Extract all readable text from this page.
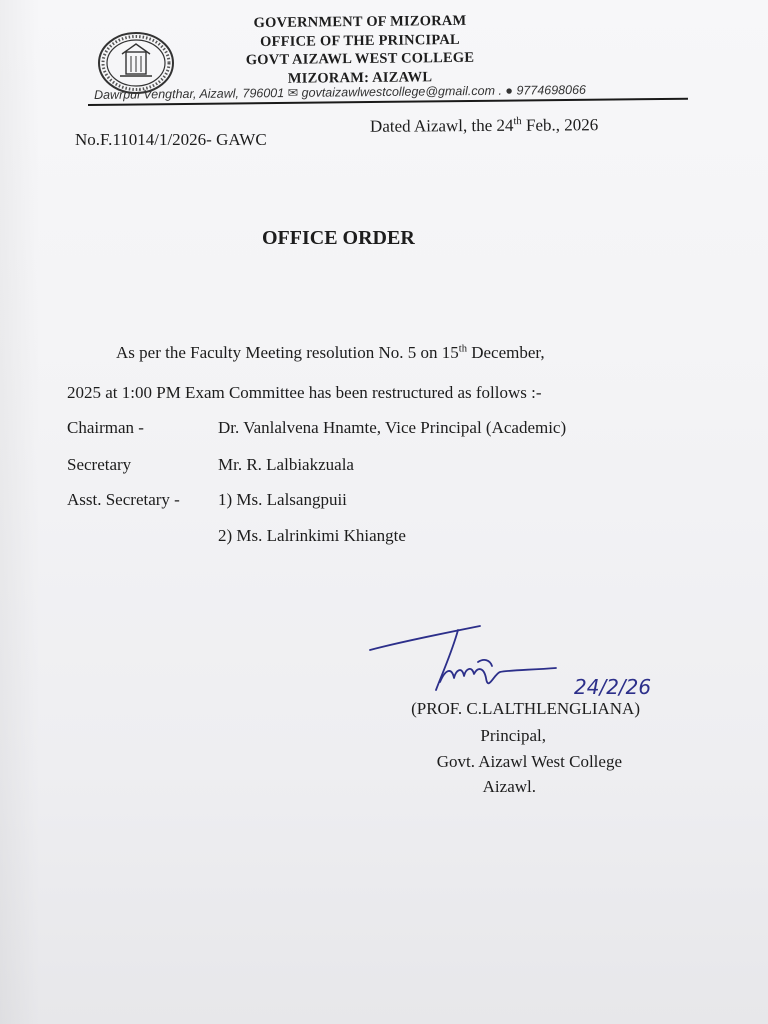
GOVERNMENT OF MIZORAM
OFFICE OF THE PRINCIPAL
GOVT AIZAWL WEST COLLEGE
MIZORAM: AIZAWL
Dawrpui Vengthar, Aizawl, 796001 ✉ govtaizawlwestcollege@gmail.com . ● 9774698066
No.F.11014/1/2026- GAWC
Dated Aizawl, the 24th Feb., 2026
OFFICE ORDER
As per the Faculty Meeting resolution No. 5 on 15th December,
2025 at 1:00 PM Exam Committee has been restructured as follows :-
Chairman -	Dr. Vanlalvena Hnamte, Vice Principal (Academic)
Secretary	Mr. R. Lalbiakzuala
Asst. Secretary - 1) Ms. Lalsangpuii
2) Ms. Lalrinkimi Khiangte
24/2/26
(PROF. C.LALTHLENGLIANA)
Principal,
Govt. Aizawl West College
Aizawl.
